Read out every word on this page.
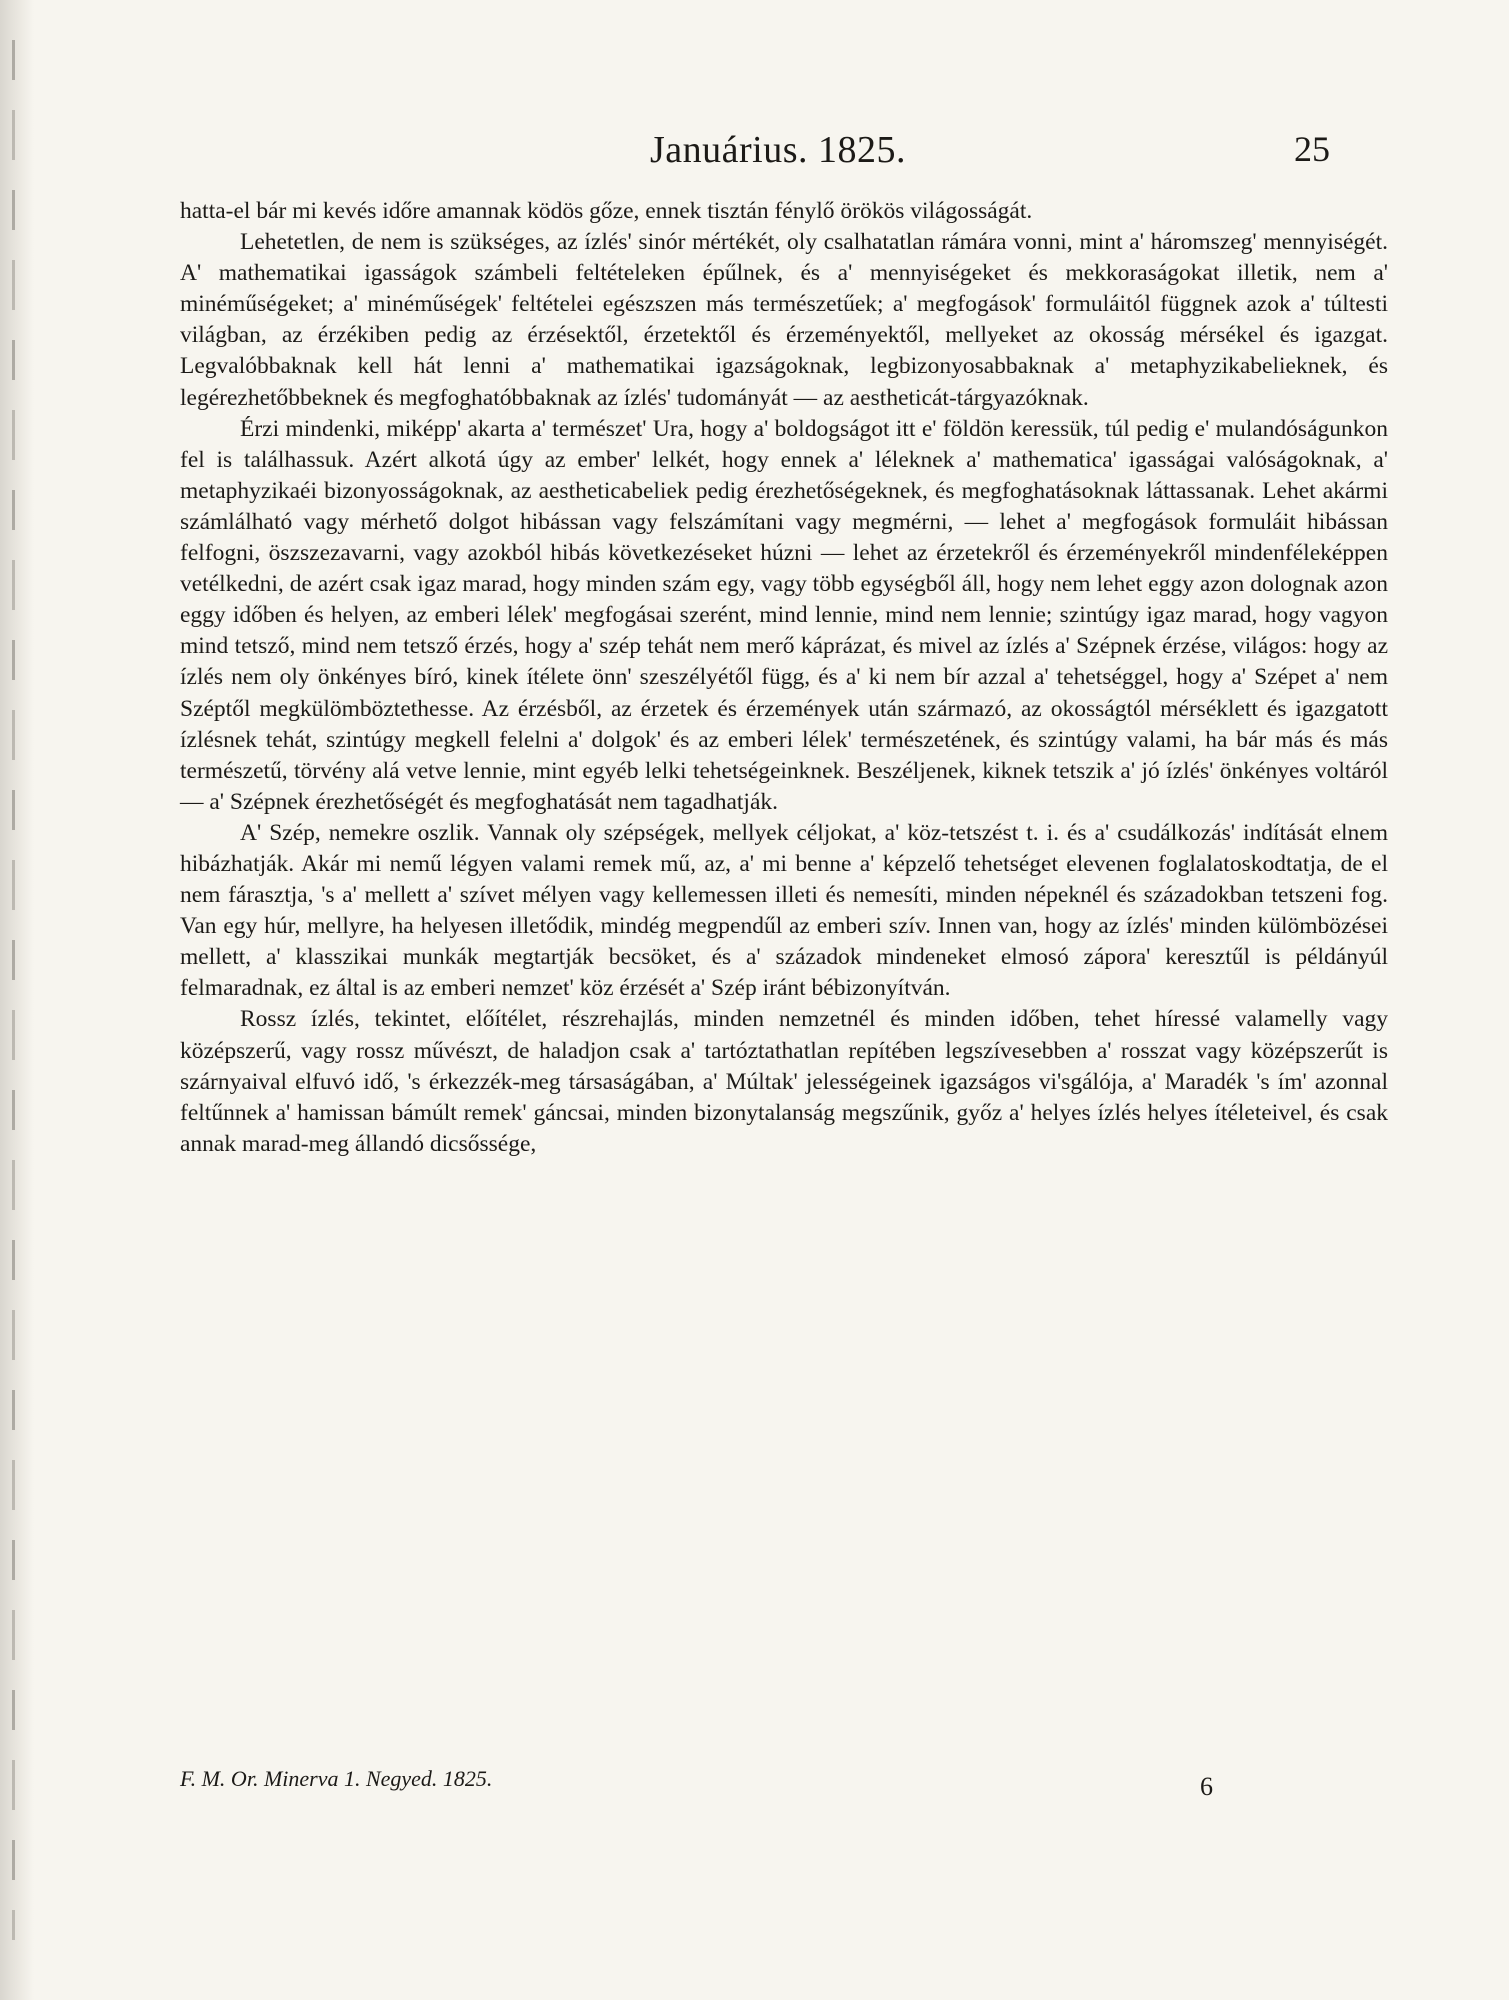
Januárius. 1825.	25

hatta-el bár mi kevés időre amannak ködös gőze, ennek tisztán fénylő örökös világosságát.

Lehetetlen, de nem is szükséges, az ízlés' sinór mértékét, oly csalhatatlan rámára vonni, mint a' háromszeg' mennyiségét. A' mathematikai igasságok számbeli feltételeken épűlnek, és a' mennyiségeket és mekkoraságokat illetik, nem a' minéműségeket; a' minéműségek' feltételei egészszen más természetűek; a' megfogások' formuláitól függnek azok a' túltesti világban, az érzékiben pedig az érzésektől, érzetektől és érzeményektől, mellyeket az okosság mérsékel és igazgat. Legvalóbbaknak kell hát lenni a' mathematikai igazságoknak, legbizonyosabbaknak a' metaphyzikabelieknek, és legérezhetőbbeknek és megfoghatóbbaknak az ízlés' tudományát — az aestheticát-tárgyazóknak.

Érzi mindenki, miképp' akarta a' természet' Ura, hogy a' boldogságot itt e' földön keressük, túl pedig e' mulandóságunkon fel is találhassuk. Azért alkotá úgy az ember' lelkét, hogy ennek a' léleknek a' mathematica' igasságai valóságoknak, a' metaphyzikaéi bizonyosságoknak, az aestheticabeliek pedig érezhetőségeknek, és megfoghatásoknak láttassanak. Lehet akármi számlálható vagy mérhető dolgot hibássan vagy felszámítani vagy megmérni, — lehet a' megfogások formuláit hibássan felfogni, öszszezavarni, vagy azokból hibás következéseket húzni — lehet az érzetekről és érzeményekről mindenféleképpen vetélkedni, de azért csak igaz marad, hogy minden szám egy, vagy több egységből áll, hogy nem lehet eggy azon dolognak azon eggy időben és helyen, az emberi lélek' megfogásai szerént, mind lennie, mind nem lennie; szintúgy igaz marad, hogy vagyon mind tetsző, mind nem tetsző érzés, hogy a' szép tehát nem merő káprázat, és mivel az ízlés a' Szépnek érzése, világos: hogy az ízlés nem oly önkényes bíró, kinek ítélete önn' szeszélyétől függ, és a' ki nem bír azzal a' tehetséggel, hogy a' Szépet a' nem Széptől megkülömböztethesse. Az érzésből, az érzetek és érzemények után származó, az okosságtól mérséklett és igazgatott ízlésnek tehát, szintúgy megkell felelni a' dolgok' és az emberi lélek' természetének, és szintúgy valami, ha bár más és más természetű, törvény alá vetve lennie, mint egyéb lelki tehetségeinknek. Beszéljenek, kiknek tetszik a' jó ízlés' önkényes voltáról — a' Szépnek érezhetőségét és megfoghatását nem tagadhatják.

A' Szép, nemekre oszlik. Vannak oly szépségek, mellyek céljokat, a' köz-tetszést t. i. és a' csudálkozás' indítását elnem hibázhatják. Akár mi nemű légyen valami remek mű, az, a' mi benne a' képzelő tehetséget elevenen foglalatoskodtatja, de el nem fárasztja, 's a' mellett a' szívet mélyen vagy kellemessen illeti és nemesíti, minden népeknél és századokban tetszeni fog. Van egy húr, mellyre, ha helyesen illetődik, mindég megpendűl az emberi szív. Innen van, hogy az ízlés' minden külömbözései mellett, a' klasszikai munkák megtartják becsöket, és a' századok mindeneket elmosó zápora' keresztűl is példányúl felmaradnak, ez által is az emberi nemzet' köz érzését a' Szép iránt bébizonyítván.

Rossz ízlés, tekintet, előítélet, részrehajlás, minden nemzetnél és minden időben, tehet híressé valamelly vagy középszerű, vagy rossz művészt, de haladjon csak a' tartóztathatlan repítében legszívesebben a' rosszat vagy középszerűt is szárnyaival elfuvó idő, 's érkezzék-meg társaságában, a' Múltak' jelességeinek igazságos vi'sgálója, a' Maradék 's ím' azonnal feltűnnek a' hamissan bámúlt remek' gáncsai, minden bizonytalanság megszűnik, győz a' helyes ízlés helyes ítéleteivel, és csak annak marad-meg állandó dicsőssége,

F. M. Or. Minerva 1. Negyed. 1825.	6
